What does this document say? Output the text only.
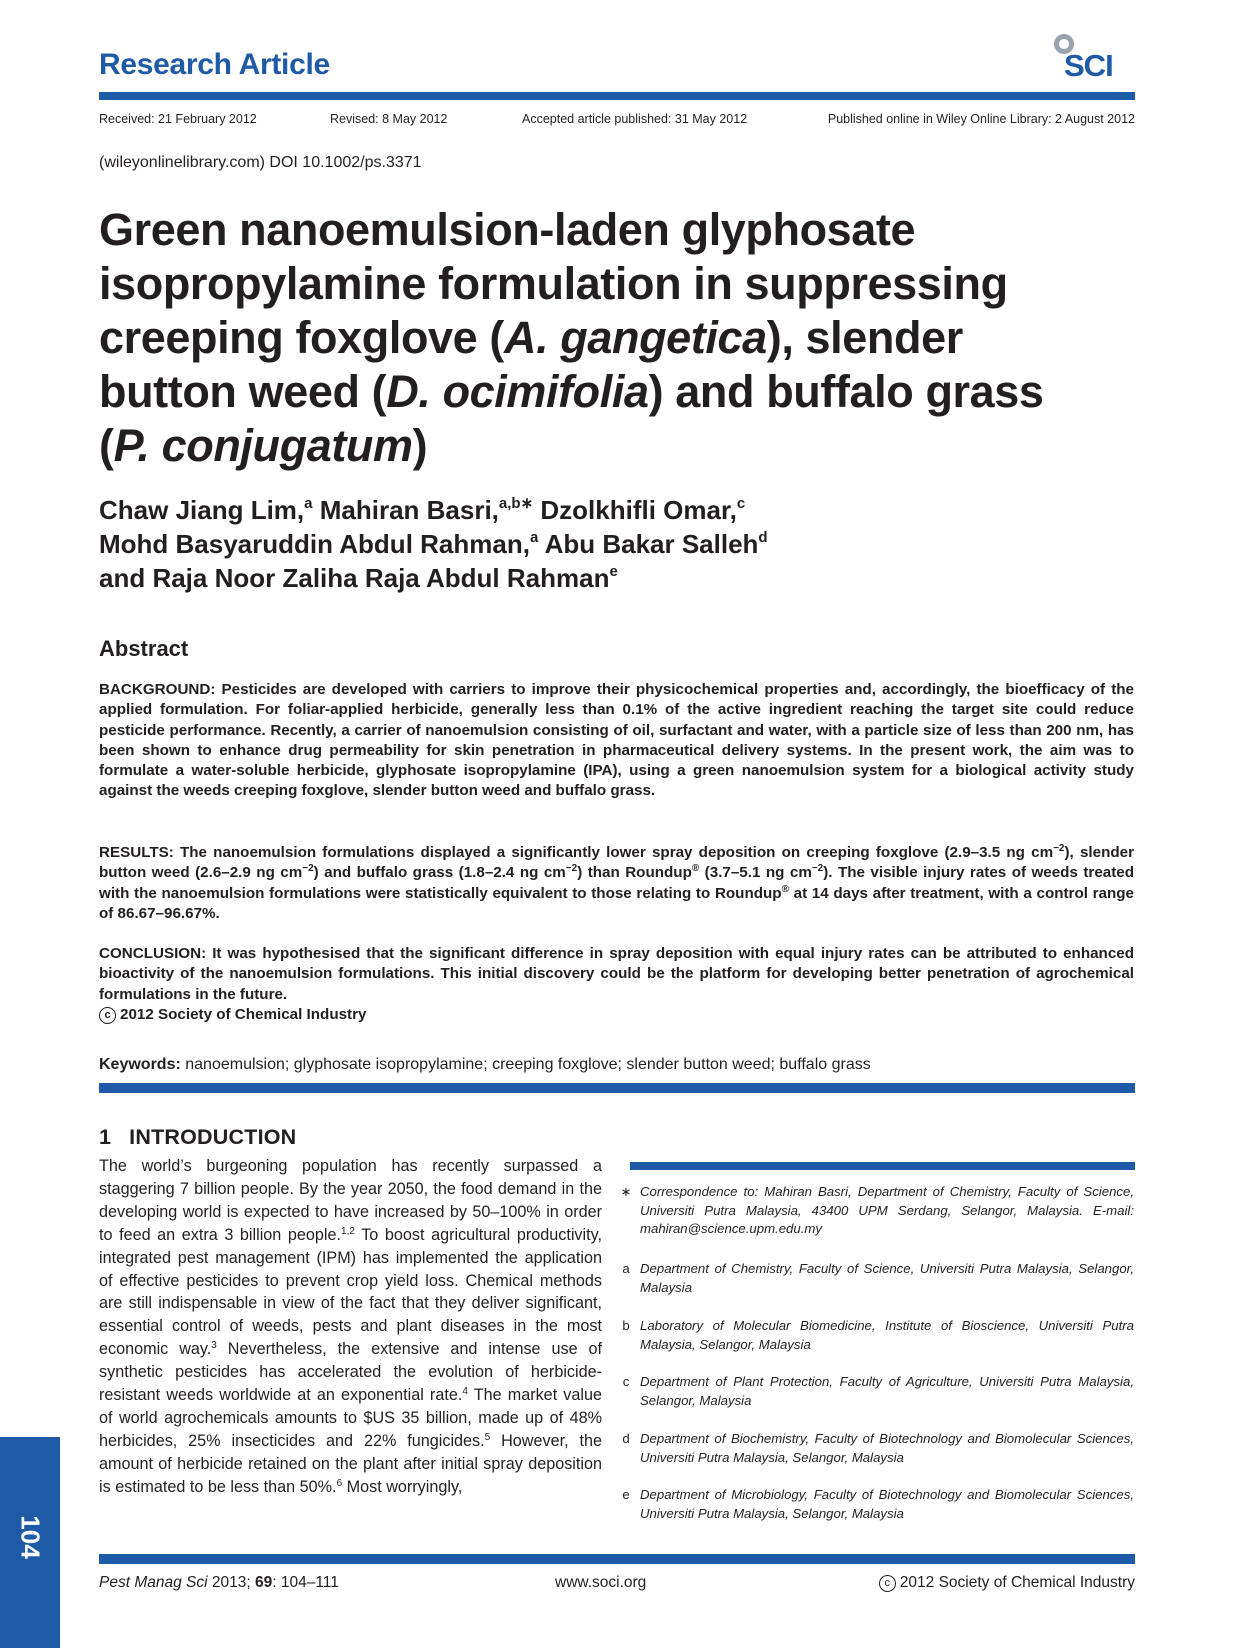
Research Article	SCI
Received: 21 February 2012	Revised: 8 May 2012	Accepted article published: 31 May 2012	Published online in Wiley Online Library: 2 August 2012
(wileyonlinelibrary.com) DOI 10.1002/ps.3371
Green nanoemulsion-laden glyphosate
isopropylamine formulation in suppressing
creeping foxglove (A. gangetica), slender
button weed (D. ocimifolia) and buffalo grass
(P. conjugatum)
Chaw Jiang Lim,$^a$ Mahiran Basri,$^{a,b∗}$ Dzolkhifli Omar,$^c$
Mohd Basyaruddin Abdul Rahman,$^a$ Abu Bakar Salleh$^d$
and Raja Noor Zaliha Raja Abdul Rahman$^e$
Abstract
BACKGROUND: Pesticides are developed with carriers to improve their physicochemical properties and, accordingly, the bioefficacy of the applied formulation. For foliar-applied herbicide, generally less than 0.1% of the active ingredient reaching the target site could reduce pesticide performance. Recently, a carrier of nanoemulsion consisting of oil, surfactant and water, with a particle size of less than 200 nm, has been shown to enhance drug permeability for skin penetration in pharmaceutical delivery systems. In the present work, the aim was to formulate a water-soluble herbicide, glyphosate isopropylamine (IPA), using a green nanoemulsion system for a biological activity study against the weeds creeping foxglove, slender button weed and buffalo grass.
RESULTS: The nanoemulsion formulations displayed a significantly lower spray deposition on creeping foxglove (2.9–3.5 ng $cm^{-2}$), slender button weed (2.6–2.9 ng $cm^{-2}$) and buffalo grass (1.8–2.4 ng $cm^{-2}$) than Roundup® (3.7–5.1 ng $cm^{-2}$). The visible injury rates of weeds treated with the nanoemulsion formulations were statistically equivalent to those relating to Roundup® at 14 days after treatment, with a control range of 86.67–96.67%.
CONCLUSION: It was hypothesised that the significant difference in spray deposition with equal injury rates can be attributed to enhanced bioactivity of the nanoemulsion formulations. This initial discovery could be the platform for developing better penetration of agrochemical formulations in the future.
c 2012 Society of Chemical Industry
Keywords: nanoemulsion; glyphosate isopropylamine; creeping foxglove; slender button weed; buffalo grass
1 INTRODUCTION
The world’s burgeoning population has recently surpassed a staggering 7 billion people. By the year 2050, the food demand in the developing world is expected to have increased by 50–100% in order to feed an extra 3 billion people.$^{1,2}$ To boost agricultural productivity, integrated pest management (IPM) has implemented the application of effective pesticides to prevent crop yield loss. Chemical methods are still indispensable in view of the fact that they deliver significant, essential control of weeds, pests and plant diseases in the most economic way.$^3$ Nevertheless, the extensive and intense use of synthetic pesticides has accelerated the evolution of herbicide-resistant weeds worldwide at an exponential rate.$^4$ The market value of world agrochemicals amounts to $US 35 billion, made up of 48% herbicides, 25% insecticides and 22% fungicides.$^5$ However, the amount of herbicide retained on the plant after initial spray deposition is estimated to be less than 50%.$^6$ Most worryingly,
∗ Correspondence to: Mahiran Basri, Department of Chemistry, Faculty of Science, Universiti Putra Malaysia, 43400 UPM Serdang, Selangor, Malaysia. E-mail: mahiran@science.upm.edu.my
a Department of Chemistry, Faculty of Science, Universiti Putra Malaysia, Selangor, Malaysia
b Laboratory of Molecular Biomedicine, Institute of Bioscience, Universiti Putra Malaysia, Selangor, Malaysia
c Department of Plant Protection, Faculty of Agriculture, Universiti Putra Malaysia, Selangor, Malaysia
d Department of Biochemistry, Faculty of Biotechnology and Biomolecular Sciences, Universiti Putra Malaysia, Selangor, Malaysia
e Department of Microbiology, Faculty of Biotechnology and Biomolecular Sciences, Universiti Putra Malaysia, Selangor, Malaysia
104
Pest Manag Sci 2013; 69: 104–111	www.soci.org	c 2012 Society of Chemical Industry
